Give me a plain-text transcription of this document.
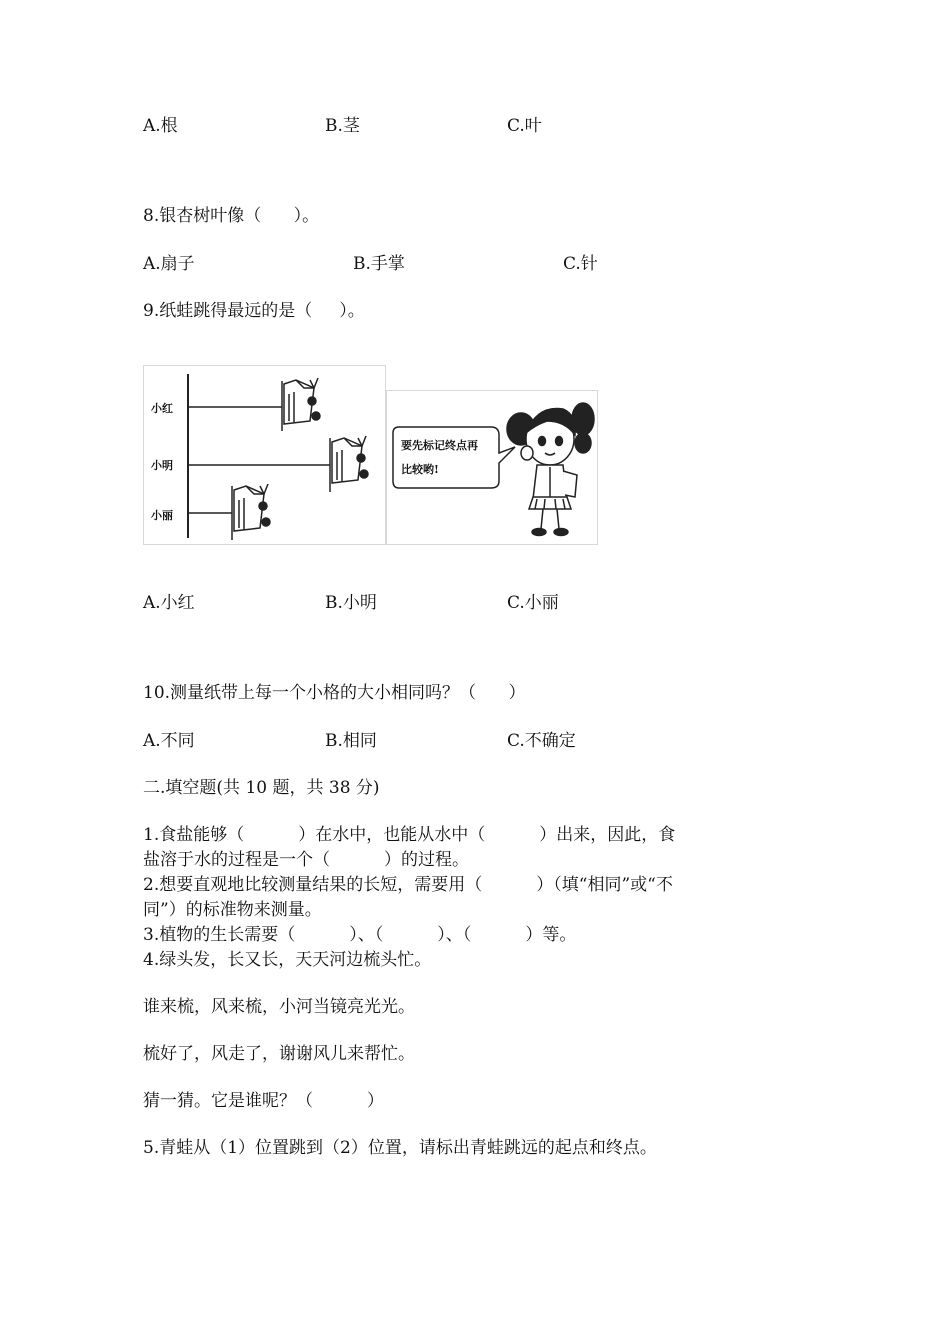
A.根	B.茎	C.叶
8.银杏树叶像（      ）。
A.扇子	B.手掌	C.针
9.纸蛙跳得最远的是（     ）。
小红
小明
小丽
要先标记终点再
比较哟!
A.小红	B.小明	C.小丽
10.测量纸带上每一个小格的大小相同吗？（      ）
A.不同	B.相同	C.不确定
二.填空题(共 10 题，共 38 分)
1.食盐能够（          ）在水中，也能从水中（          ）出来，因此，食
盐溶于水的过程是一个（          ）的过程。
2.想要直观地比较测量结果的长短，需要用（          ）（填“相同”或“不
同”）的标准物来测量。
3.植物的生长需要（          ）、（          ）、（          ）等。
4.绿头发，长又长，天天河边梳头忙。
谁来梳，风来梳，小河当镜亮光光。
梳好了，风走了，谢谢风儿来帮忙。
猜一猜。它是谁呢？（          ）
5.青蛙从（1）位置跳到（2）位置，请标出青蛙跳远的起点和终点。
